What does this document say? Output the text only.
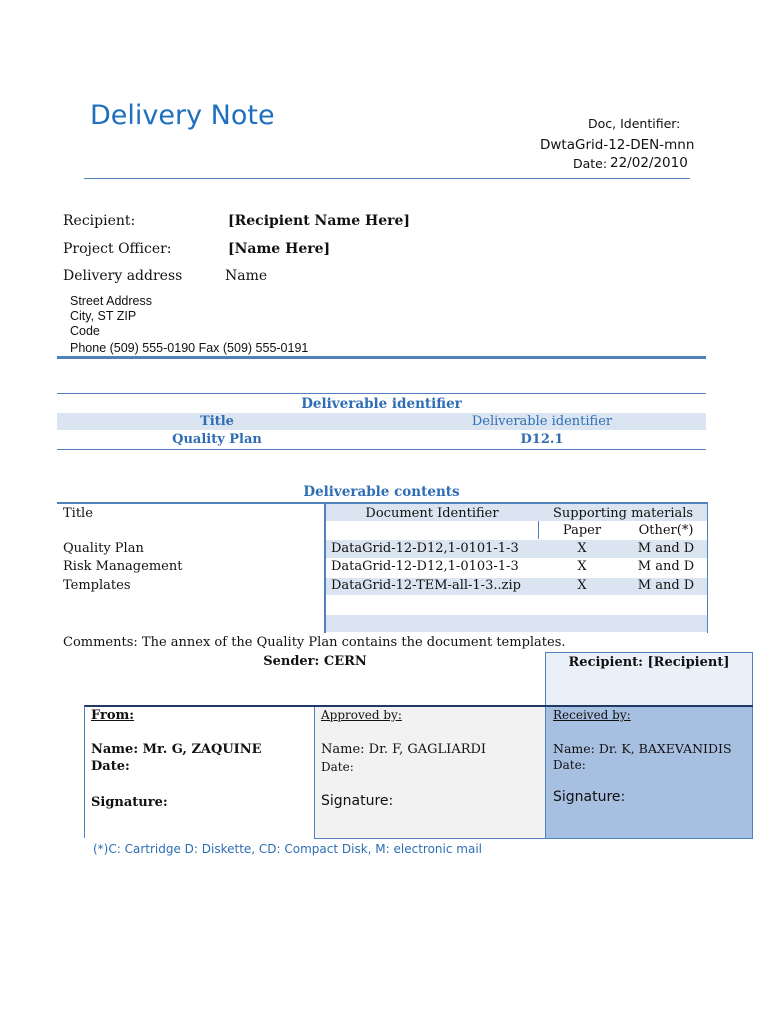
Delivery Note	Doc, Identifier:
DwtaGrid-12-DEN-mnn
Date: 22/02/2010
Recipient:	[Recipient Name Here]
Project Officer:	[Name Here]
Delivery address	Name
Street Address
City, ST ZIP
Code
Phone (509) 555-0190 Fax (509) 555-0191
Deliverable identifier
Title	Deliverable identifier
Quality Plan	D12.1
Deliverable contents
Title	Document Identifier	Supporting materials
Paper	Other(*)
Quality Plan	DataGrid-12-D12,1-0101-1-3	X	M and D
Risk Management	DataGrid-12-D12,1-0103-1-3	X	M and D
Templates	DataGrid-12-TEM-all-1-3..zip	X	M and D
Comments: The annex of the Quality Plan contains the document templates.
Sender: CERN	Recipient: [Recipient]
From:
Name: Mr. G, ZAQUINE
Date:
Signature:
Approved by:
Name: Dr. F, GAGLIARDI
Date:
Signature:
Received by:
Name: Dr. K, BAXEVANIDIS
Date:
Signature:
(*)C: Cartridge D: Diskette, CD: Compact Disk, M: electronic mail
